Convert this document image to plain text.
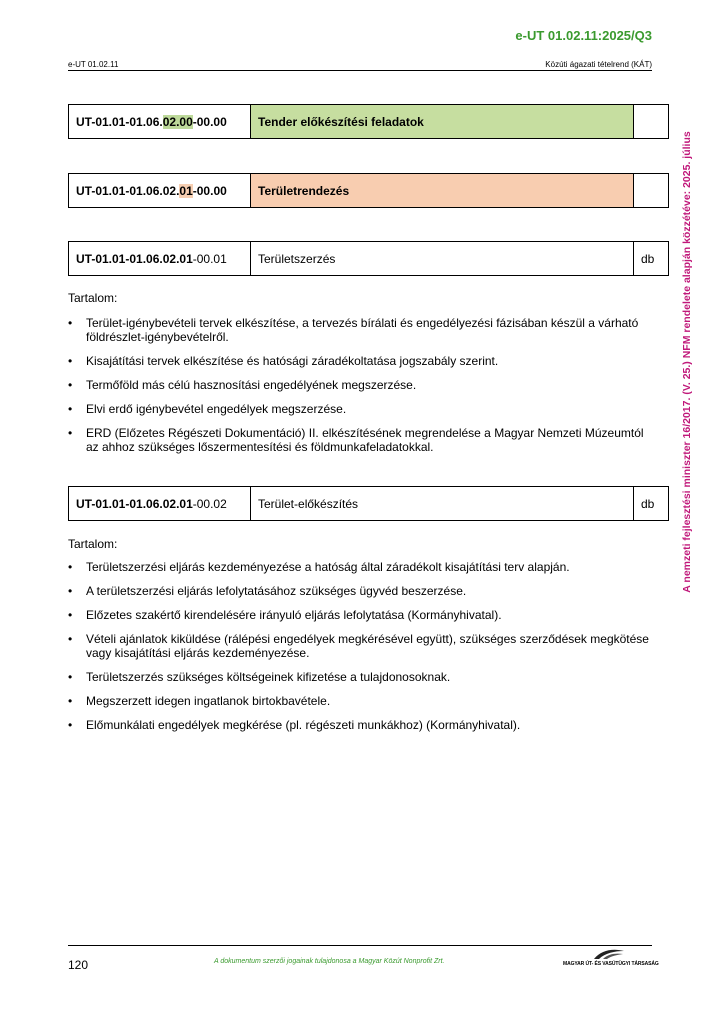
e-UT 01.02.11:2025/Q3
e-UT 01.02.11	Közúti ágazati tételrend (KÁT)
A nemzeti fejlesztési miniszter 16/2017. (V. 25.) NFM rendelete alapján közzétéve: 2025. július
UT-01.01-01.06.02.00-00.00	Tender előkészítési feladatok	
UT-01.01-01.06.02.01-00.00	Területrendezés	
UT-01.01-01.06.02.01-00.01	Területszerzés	db
Tartalom:
• Terület-igénybevételi tervek elkészítése, a tervezés bírálati és engedélyezési fázisában készül a várható földrészlet-igénybevételről.
• Kisajátítási tervek elkészítése és hatósági záradékoltatása jogszabály szerint.
• Termőföld más célú hasznosítási engedélyének megszerzése.
• Elvi erdő igénybevétel engedélyek megszerzése.
• ERD (Előzetes Régészeti Dokumentáció) II. elkészítésének megrendelése a Magyar Nemzeti Múzeumtól az ahhoz szükséges lőszermentesítési és földmunkafeladatokkal.
UT-01.01-01.06.02.01-00.02	Terület-előkészítés	db
Tartalom:
• Területszerzési eljárás kezdeményezése a hatóság által záradékolt kisajátítási terv alapján.
• A területszerzési eljárás lefolytatásához szükséges ügyvéd beszerzése.
• Előzetes szakértő kirendelésére irányuló eljárás lefolytatása (Kormányhivatal).
• Vételi ajánlatok kiküldése (rálépési engedélyek megkérésével együtt), szükséges szerződések megkötése vagy kisajátítási eljárás kezdeményezése.
• Területszerzés szükséges költségeinek kifizetése a tulajdonosoknak.
• Megszerzett idegen ingatlanok birtokbavétele.
• Előmunkálati engedélyek megkérése (pl. régészeti munkákhoz) (Kormányhivatal).
120	A dokumentum szerzői jogainak tulajdonosa a Magyar Közút Nonprofit Zrt.	MAGYAR ÚT- ÉS VASÚTÜGYI TÁRSASÁG
